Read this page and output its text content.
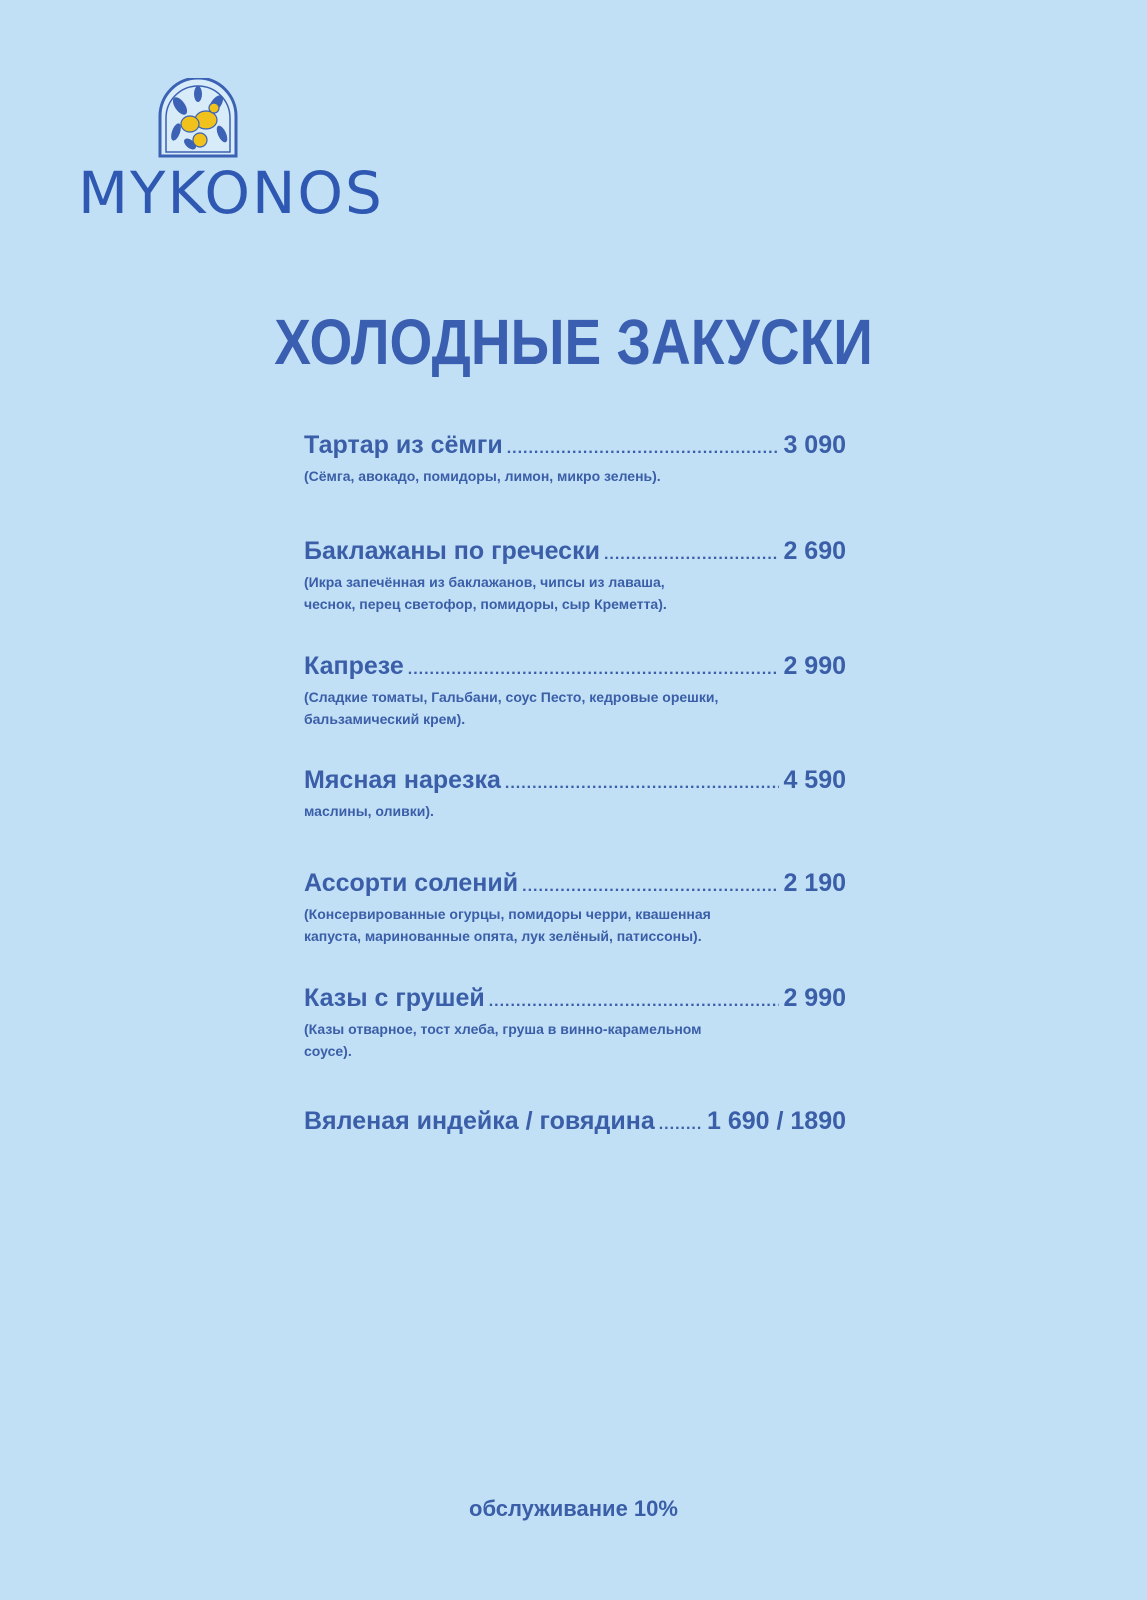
MYKONOS
ХОЛОДНЫЕ ЗАКУСКИ
Тартар из сёмги .....	3 090
(Сёмга, авокадо, помидоры, лимон, микро зелень).
Баклажаны по гречески .....	2 690
(Икра запечённая из баклажанов, чипсы из лаваша,
чеснок, перец светофор, помидоры, сыр Креметта).
Капрезе .....	2 990
(Сладкие томаты, Гальбани, соус Песто, кедровые орешки,
бальзамический крем).
Мясная нарезка .....	4 590
маслины, оливки).
Ассорти солений .....	2 190
(Консервированные огурцы, помидоры черри, квашенная
капуста, маринованные опята, лук зелёный, патиссоны).
Казы с грушей .....	2 990
(Казы отварное, тост хлеба, груша в винно-карамельном
соусе).
Вяленая индейка / говядина ..... 1 690 / 1890
обслуживание 10%
